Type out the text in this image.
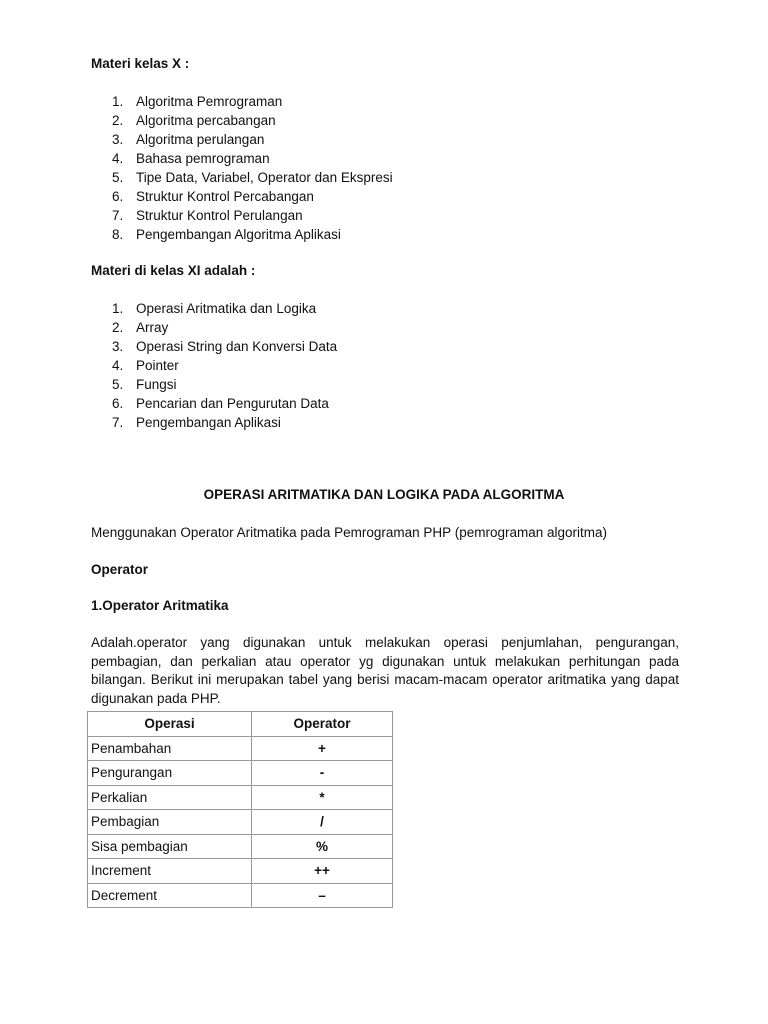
Materi kelas X :
1. Algoritma Pemrograman
2. Algoritma percabangan
3. Algoritma perulangan
4. Bahasa pemrograman
5. Tipe Data, Variabel, Operator dan Ekspresi
6. Struktur Kontrol Percabangan
7. Struktur Kontrol Perulangan
8. Pengembangan Algoritma Aplikasi
Materi di kelas XI adalah :
1. Operasi Aritmatika dan Logika
2. Array
3. Operasi String dan Konversi Data
4. Pointer
5. Fungsi
6. Pencarian dan Pengurutan Data
7. Pengembangan Aplikasi
OPERASI ARITMATIKA DAN LOGIKA PADA ALGORITMA
Menggunakan Operator Aritmatika pada Pemrograman PHP (pemrograman algoritma)
Operator
1.Operator Aritmatika

Adalah.operator yang digunakan untuk melakukan operasi penjumlahan, pengurangan, pembagian, dan perkalian atau operator yg digunakan untuk melakukan perhitungan pada bilangan. Berikut ini merupakan tabel yang berisi macam-macam operator aritmatika yang dapat digunakan pada PHP.

Operasi	Operator
Penambahan	+
Pengurangan	-
Perkalian	*
Pembagian	/
Sisa pembagian	%
Increment	++
Decrement	–
